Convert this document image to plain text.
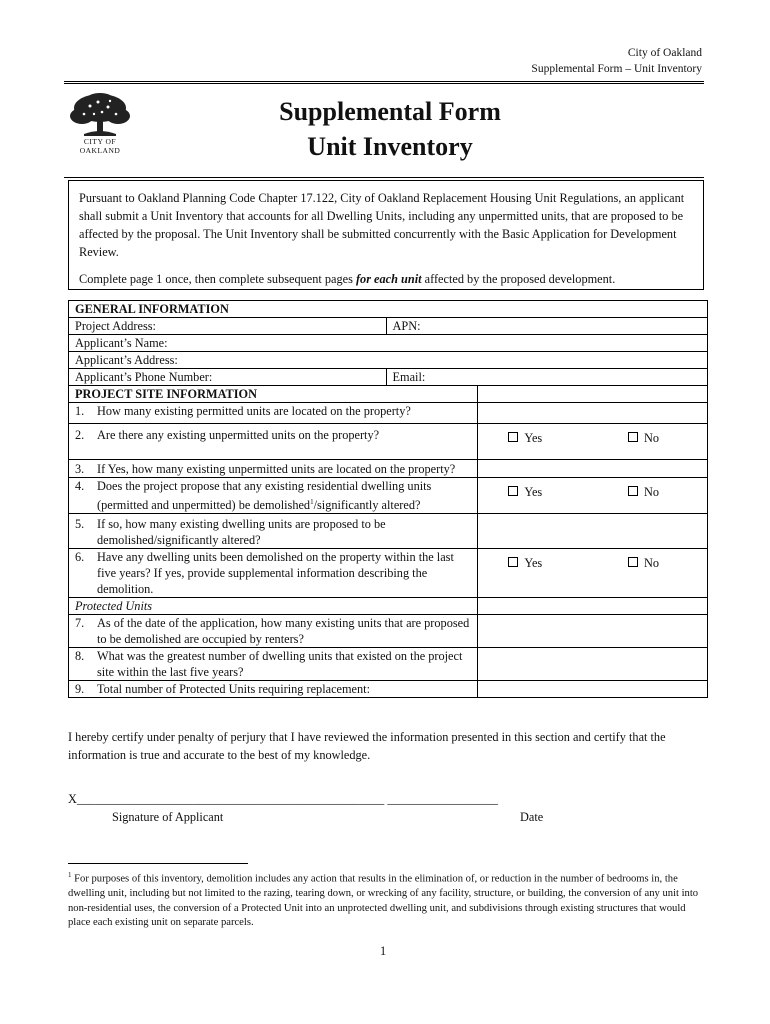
City of Oakland
Supplemental Form – Unit Inventory
CITY OF OAKLAND
Supplemental Form
Unit Inventory

Pursuant to Oakland Planning Code Chapter 17.122, City of Oakland Replacement Housing Unit Regulations, an applicant shall submit a Unit Inventory that accounts for all Dwelling Units, including any unpermitted units, that are proposed to be affected by the proposal. The Unit Inventory shall be submitted concurrently with the Basic Application for Development Review.

Complete page 1 once, then complete subsequent pages for each unit affected by the proposed development.

GENERAL INFORMATION		
Project Address:	APN:	
Applicant’s Name:		
Applicant’s Address:		
Applicant’s Phone Number:	Email:	
PROJECT SITE INFORMATION		

1. How many existing permitted units are located on the property?		

2. Are there any existing unpermitted units on the property?		Yes No

3. If Yes, how many existing unpermitted units are located on the property?		

4. Does the project propose that any existing residential dwelling units (permitted and unpermitted) be demolished$^1$/significantly altered?		Yes No

5. If so, how many existing dwelling units are proposed to be demolished/significantly altered?		

6. Have any dwelling units been demolished on the property within the last five years? If yes, provide supplemental information describing the demolition.		Yes No

Protected Units		

7. As of the date of the application, how many existing units that are proposed to be demolished are occupied by renters?		

8. What was the greatest number of dwelling units that existed on the project site within the last five years?		

9. Total number of Protected Units requiring replacement:		

I hereby certify under penalty of perjury that I have reviewed the information presented in this section and certify that the information is true and accurate to the best of my knowledge.
X__________________________________________________ __________________
Signature of Applicant	Date
$^1$ For purposes of this inventory, demolition includes any action that results in the elimination of, or reduction in the number of bedrooms in, the dwelling unit, including but not limited to the razing, tearing down, or wrecking of any facility, structure, or building, the conversion of any unit into non-residential uses, the conversion of a Protected Unit into an unprotected dwelling unit, and subdivisions through existing structures that would place each existing unit on separate parcels.
1
